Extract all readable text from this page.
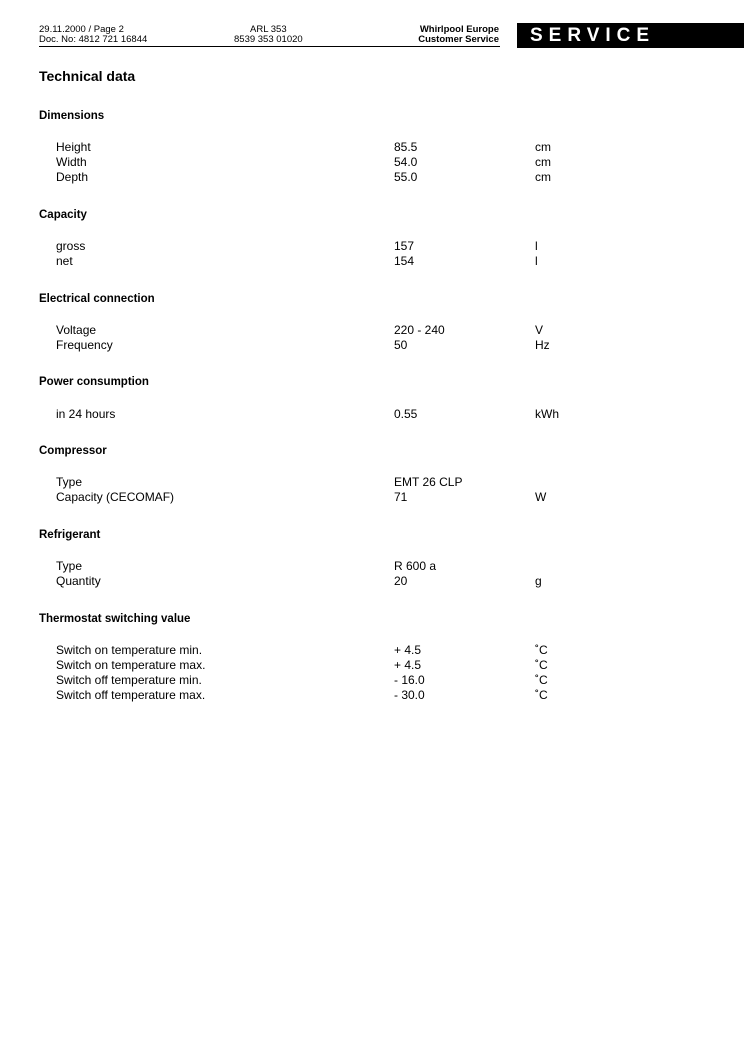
29.11.2000 / Page 2
Doc. No: 4812 721 16844
ARL 353
8539 353 01020
Whirlpool Europe
Customer Service	SERVICE
Technical data
Dimensions
Height	85.5	cm
Width	54.0	cm
Depth	55.0	cm
Capacity
gross	157	l
net	154	l
Electrical connection
Voltage	220 - 240	V
Frequency	50	Hz
Power consumption
in 24 hours	0.55	kWh
Compressor
Type	EMT 26 CLP
Capacity (CECOMAF)	71	W
Refrigerant
Type	R 600 a
Quantity	20	g
Thermostat switching value
Switch on temperature min.	+ 4.5	˚C
Switch on temperature max.	+ 4.5	˚C
Switch off temperature min.	- 16.0	˚C
Switch off temperature max.	- 30.0	˚C
